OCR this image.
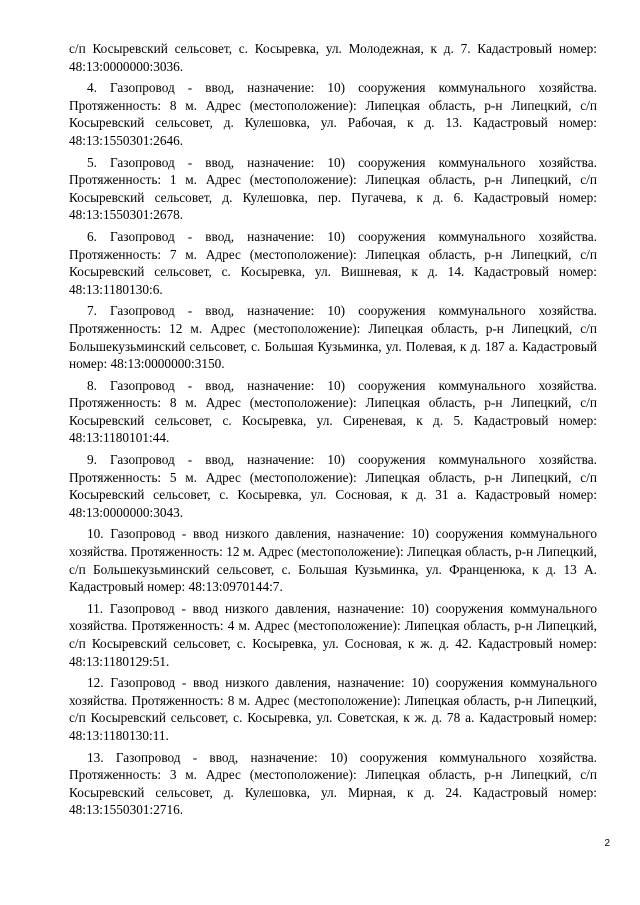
с/п Косыревский сельсовет, с. Косыревка, ул. Молодежная, к д. 7. Кадастровый номер: 48:13:0000000:3036.

4. Газопровод - ввод, назначение: 10) сооружения коммунального хозяйства. Протяженность: 8 м. Адрес (местоположение): Липецкая область, р-н Липецкий, с/п Косыревский сельсовет, д. Кулешовка, ул. Рабочая, к д. 13. Кадастровый номер: 48:13:1550301:2646.

5. Газопровод - ввод, назначение: 10) сооружения коммунального хозяйства. Протяженность: 1 м. Адрес (местоположение): Липецкая область, р-н Липецкий, с/п Косыревский сельсовет, д. Кулешовка, пер. Пугачева, к д. 6. Кадастровый номер: 48:13:1550301:2678.

6. Газопровод - ввод, назначение: 10) сооружения коммунального хозяйства. Протяженность: 7 м. Адрес (местоположение): Липецкая область, р-н Липецкий, с/п Косыревский сельсовет, с. Косыревка, ул. Вишневая, к д. 14. Кадастровый номер: 48:13:1180130:6.

7. Газопровод - ввод, назначение: 10) сооружения коммунального хозяйства. Протяженность: 12 м. Адрес (местоположение): Липецкая область, р-н Липецкий, с/п Большекузьминский сельсовет, с. Большая Кузьминка, ул. Полевая, к д. 187 а. Кадастровый номер: 48:13:0000000:3150.

8. Газопровод - ввод, назначение: 10) сооружения коммунального хозяйства. Протяженность: 8 м. Адрес (местоположение): Липецкая область, р-н Липецкий, с/п Косыревский сельсовет, с. Косыревка, ул. Сиреневая, к д. 5. Кадастровый номер: 48:13:1180101:44.

9. Газопровод - ввод, назначение: 10) сооружения коммунального хозяйства. Протяженность: 5 м. Адрес (местоположение): Липецкая область, р-н Липецкий, с/п Косыревский сельсовет, с. Косыревка, ул. Сосновая, к д. 31 а. Кадастровый номер: 48:13:0000000:3043.

10. Газопровод - ввод низкого давления, назначение: 10) сооружения коммунального хозяйства. Протяженность: 12 м. Адрес (местоположение): Липецкая область, р-н Липецкий, с/п Большекузьминский сельсовет, с. Большая Кузьминка, ул. Франценюка, к д. 13 А. Кадастровый номер: 48:13:0970144:7.

11. Газопровод - ввод низкого давления, назначение: 10) сооружения коммунального хозяйства. Протяженность: 4 м. Адрес (местоположение): Липецкая область, р-н Липецкий, с/п Косыревский сельсовет, с. Косыревка, ул. Сосновая, к ж. д. 42. Кадастровый номер: 48:13:1180129:51.

12. Газопровод - ввод низкого давления, назначение: 10) сооружения коммунального хозяйства. Протяженность: 8 м. Адрес (местоположение): Липецкая область, р-н Липецкий, с/п Косыревский сельсовет, с. Косыревка, ул. Советская, к ж. д. 78 а. Кадастровый номер: 48:13:1180130:11.

13. Газопровод - ввод, назначение: 10) сооружения коммунального хозяйства. Протяженность: 3 м. Адрес (местоположение): Липецкая область, р-н Липецкий, с/п Косыревский сельсовет, д. Кулешовка, ул. Мирная, к д. 24. Кадастровый номер: 48:13:1550301:2716.

2
